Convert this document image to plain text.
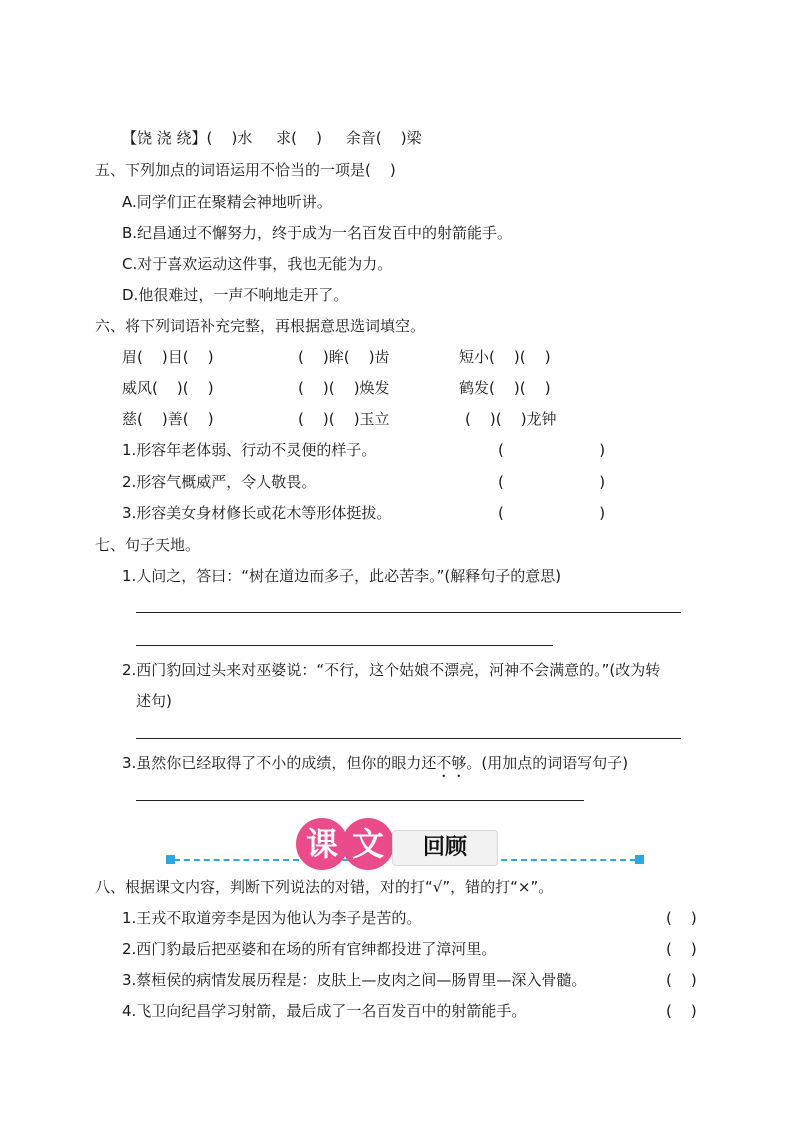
【饶 浇 绕】(    )水     求(    )     余音(    )梁
五、下列加点的词语运用不恰当的一项是(    )
A.同学们正在聚精会神地听讲。
B.纪昌通过不懈努力，终于成为一名百发百中的射箭能手。
C.对于喜欢运动这件事，我也无能为力。
D.他很难过，一声不响地走开了。
六、将下列词语补充完整，再根据意思选词填空。
眉(    )目(    )	(    )眸(    )齿	短小(    )(    )
威风(    )(    )	(    )(    )焕发	鹤发(    )(    )
慈(    )善(    )	(    )(    )玉立	(    )(    )龙钟
1.形容年老体弱、行动不灵便的样子。	(                    )
2.形容气概威严，令人敬畏。	(                    )
3.形容美女身材修长或花木等形体挺拔。	(                    )
七、句子天地。
1.人问之，答曰：“树在道边而多子，此必苦李。”(解释句子的意思)
2.西门豹回过头来对巫婆说：“不行，这个姑娘不漂亮，河神不会满意的。”(改为转
述句)
3.虽然你已经取得了不小的成绩，但你的眼力还不够。(用加点的词语写句子)
课 文	回顾
八、根据课文内容，判断下列说法的对错，对的打“√”，错的打“×”。
1.王戎不取道旁李是因为他认为李子是苦的。	(    )
2.西门豹最后把巫婆和在场的所有官绅都投进了漳河里。	(    )
3.蔡桓侯的病情发展历程是：皮肤上—皮肉之间—肠胃里—深入骨髓。	(    )
4.飞卫向纪昌学习射箭，最后成了一名百发百中的射箭能手。	(    )
